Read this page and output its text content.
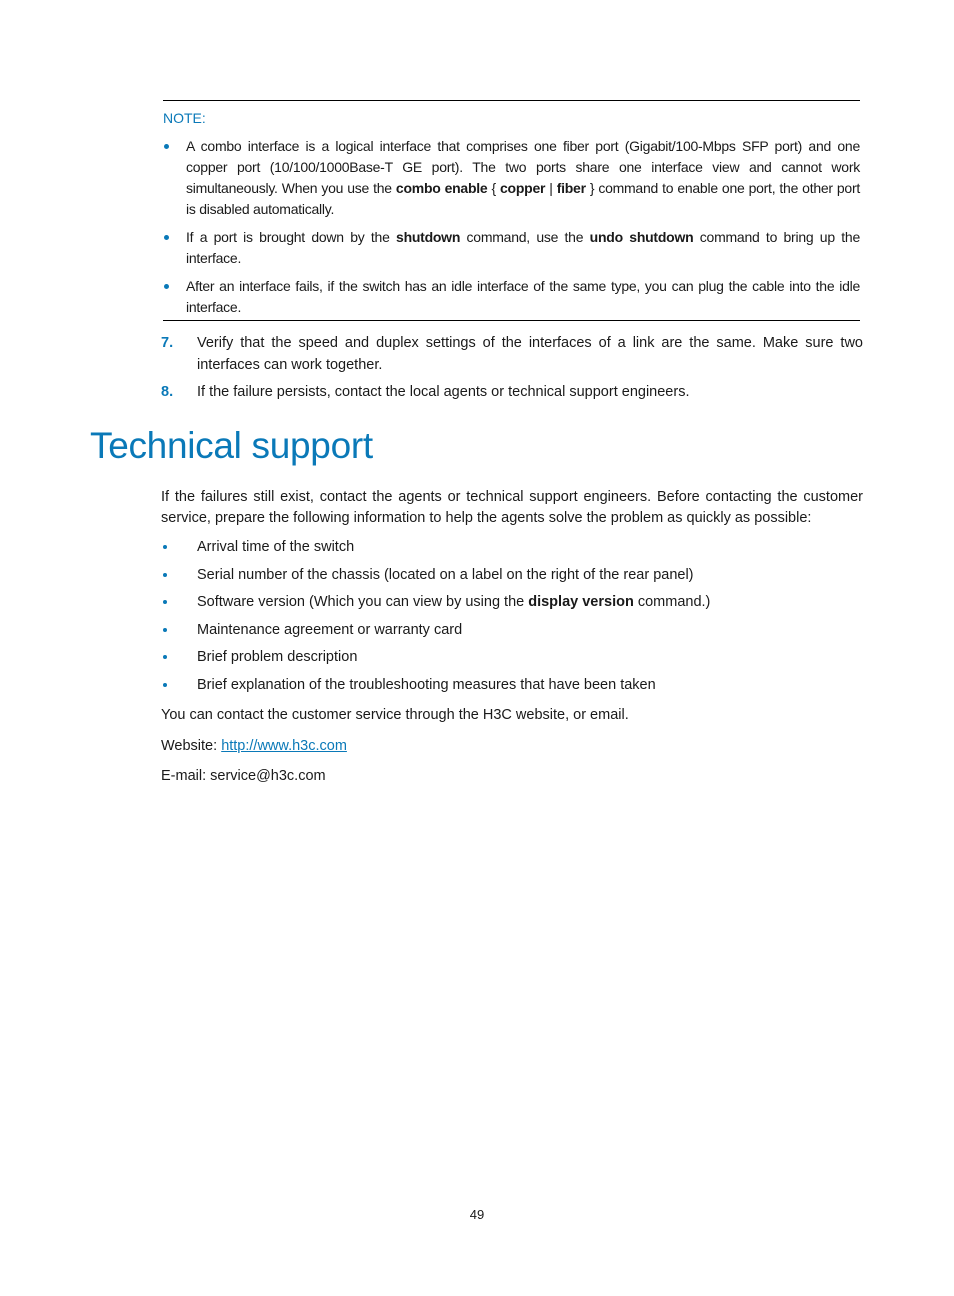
NOTE:
A combo interface is a logical interface that comprises one fiber port (Gigabit/100-Mbps SFP port) and one copper port (10/100/1000Base-T GE port). The two ports share one interface view and cannot work simultaneously. When you use the combo enable { copper | fiber } command to enable one port, the other port is disabled automatically.
If a port is brought down by the shutdown command, use the undo shutdown command to bring up the interface.
After an interface fails, if the switch has an idle interface of the same type, you can plug the cable into the idle interface.
7. Verify that the speed and duplex settings of the interfaces of a link are the same. Make sure two interfaces can work together.
8. If the failure persists, contact the local agents or technical support engineers.
Technical support

If the failures still exist, contact the agents or technical support engineers. Before contacting the customer service, prepare the following information to help the agents solve the problem as quickly as possible:

Arrival time of the switch
Serial number of the chassis (located on a label on the right of the rear panel)
Software version (Which you can view by using the display version command.)
Maintenance agreement or warranty card
Brief problem description
Brief explanation of the troubleshooting measures that have been taken

You can contact the customer service through the H3C website, or email.

Website: http://www.h3c.com

E-mail: service@h3c.com

49
